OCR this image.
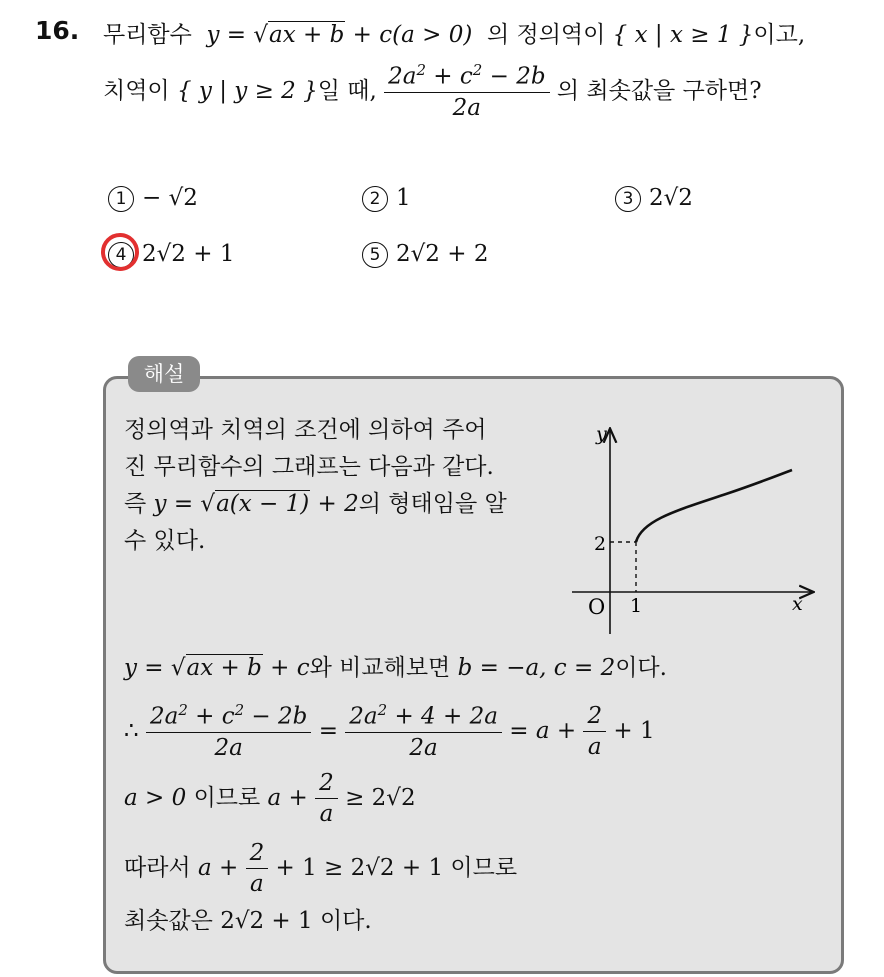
16. 무리함수  y = √ax + b + c(a > 0)  의 정의역이 { x | x ≥ 1 }이고,
치역이 { y | y ≥ 2 }일 때, $\frac{2a^2 + c^2 - 2b}{2a}$ 의 최솟값을 구하면?
1 − √2	2 1	3 2√2
4 2√2 + 1	5 2√2 + 2
해설
정의역과 치역의 조건에 의하여 주어
진 무리함수의 그래프는 다음과 같다.
즉 y = √a(x − 1) + 2의 형태임을 알
수 있다.
y
x
O 1
2
y = √ax + b + c와 비교해보면 b = −a, c = 2이다.
∴ $\frac{2a^2 + c^2 - 2b}{2a} = \frac{2a^2 + 4 + 2a}{2a} = a + \frac{2}{a} + 1$
a > 0 이므로 $a + \frac{2}{a} \ge 2√2$
따라서 $a + \frac{2}{a} + 1 \ge 2√2 + 1$ 이므로
최솟값은 2√2 + 1 이다.
